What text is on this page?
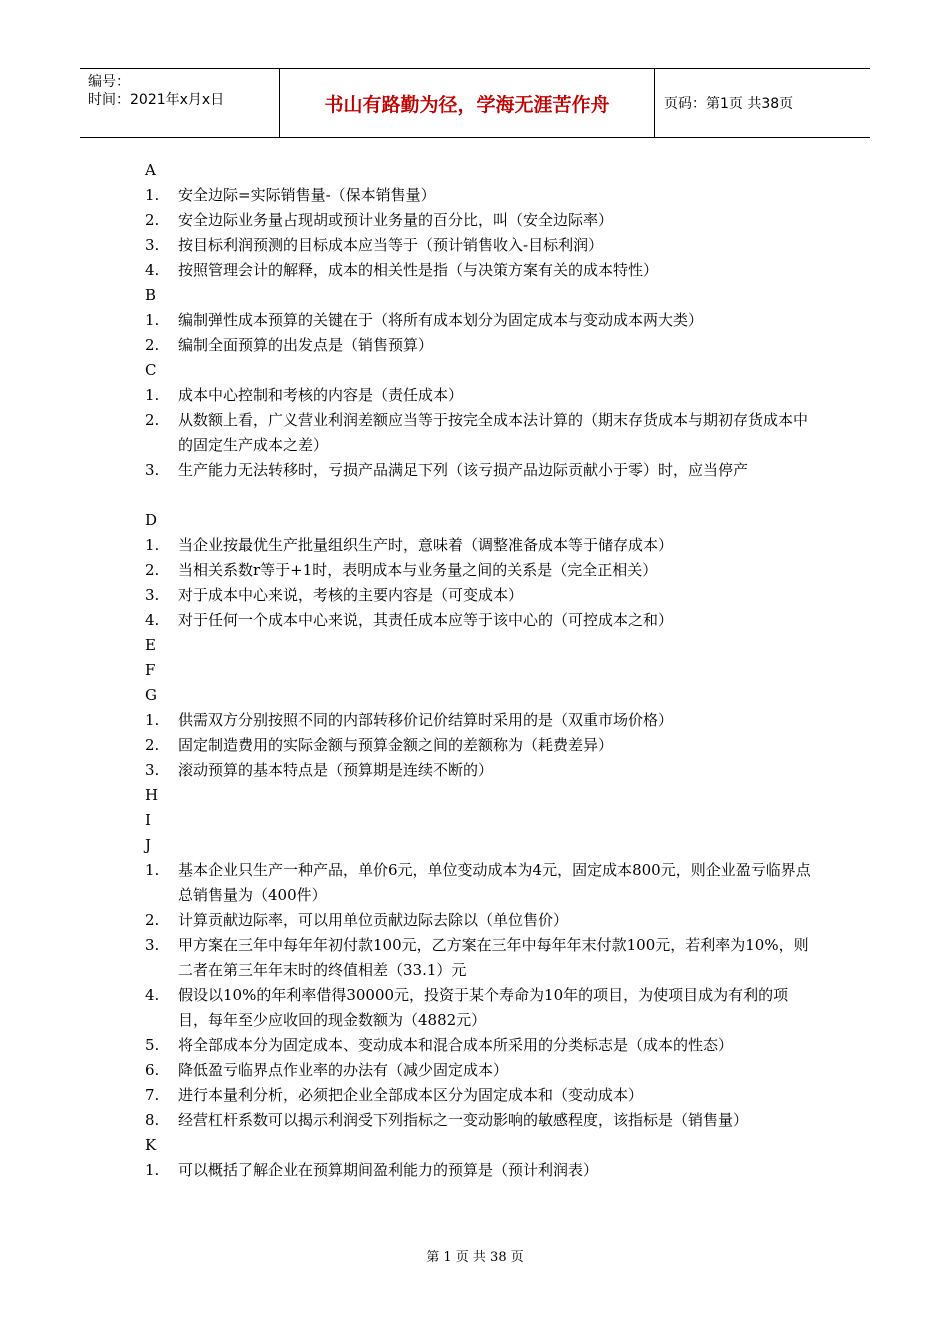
编号：
时间：2021年x月x日	书山有路勤为径，学海无涯苦作舟	页码：第1页 共38页
A
1.	安全边际=实际销售量-（保本销售量）
2.	安全边际业务量占现胡或预计业务量的百分比，叫（安全边际率）
3.	按目标利润预测的目标成本应当等于（预计销售收入-目标利润）
4.	按照管理会计的解释，成本的相关性是指（与决策方案有关的成本特性）
B
1.	编制弹性成本预算的关键在于（将所有成本划分为固定成本与变动成本两大类）
2.	编制全面预算的出发点是（销售预算）
C
1.	成本中心控制和考核的内容是（责任成本）
2.	从数额上看，广义营业利润差额应当等于按完全成本法计算的（期末存货成本与期初存货成本中的固定生产成本之差）
3.	生产能力无法转移时，亏损产品满足下列（该亏损产品边际贡献小于零）时，应当停产
D
1.	当企业按最优生产批量组织生产时，意味着（调整准备成本等于储存成本）
2.	当相关系数r等于+1时，表明成本与业务量之间的关系是（完全正相关）
3.	对于成本中心来说，考核的主要内容是（可变成本）
4.	对于任何一个成本中心来说，其责任成本应等于该中心的（可控成本之和）
E
F
G
1.	供需双方分别按照不同的内部转移价记价结算时采用的是（双重市场价格）
2.	固定制造费用的实际金额与预算金额之间的差额称为（耗费差异）
3.	滚动预算的基本特点是（预算期是连续不断的）
H
I
J
1.	基本企业只生产一种产品，单价6元，单位变动成本为4元，固定成本800元，则企业盈亏临界点总销售量为（400件）
2.	计算贡献边际率，可以用单位贡献边际去除以（单位售价）
3.	甲方案在三年中每年年初付款100元，乙方案在三年中每年年末付款100元，若利率为10%，则二者在第三年年末时的终值相差（33.1）元
4.	假设以10%的年利率借得30000元，投资于某个寿命为10年的项目，为使项目成为有利的项目，每年至少应收回的现金数额为（4882元）
5.	将全部成本分为固定成本、变动成本和混合成本所采用的分类标志是（成本的性态）
6.	降低盈亏临界点作业率的办法有（减少固定成本）
7.	进行本量利分析，必须把企业全部成本区分为固定成本和（变动成本）
8.	经营杠杆系数可以揭示利润受下列指标之一变动影响的敏感程度，该指标是（销售量）
K
1.	可以概括了解企业在预算期间盈利能力的预算是（预计利润表）
第 1 页 共 38 页
